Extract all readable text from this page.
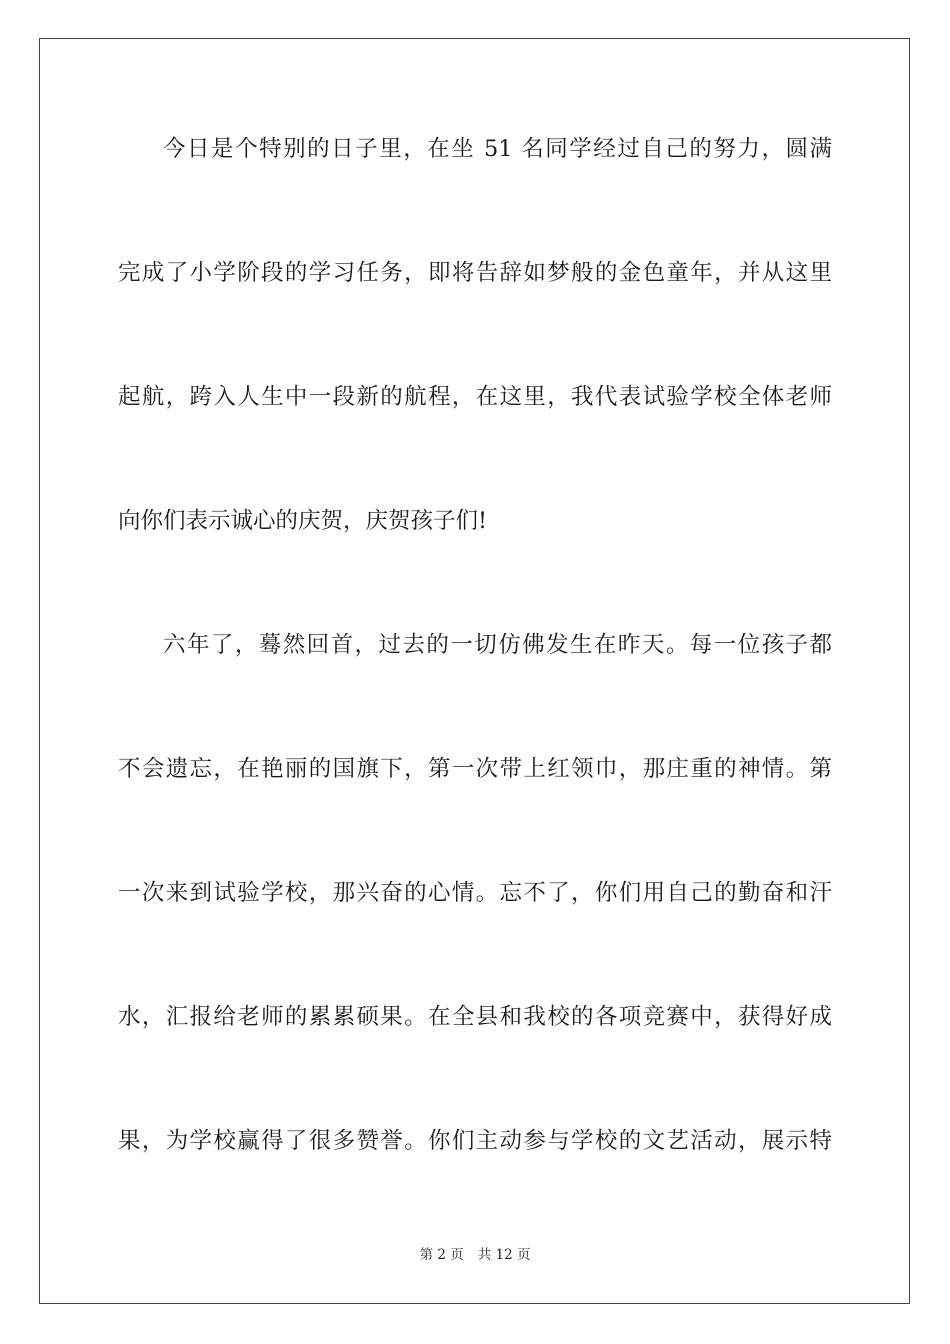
今日是个特别的日子里，在坐 51 名同学经过自己的努力，圆满
完成了小学阶段的学习任务，即将告辞如梦般的金色童年，并从这里
起航，跨入人生中一段新的航程，在这里，我代表试验学校全体老师
向你们表示诚心的庆贺，庆贺孩子们!
六年了，蓦然回首，过去的一切仿佛发生在昨天。每一位孩子都
不会遗忘，在艳丽的国旗下，第一次带上红领巾，那庄重的神情。第
一次来到试验学校，那兴奋的心情。忘不了，你们用自己的勤奋和汗
水，汇报给老师的累累硕果。在全县和我校的各项竞赛中，获得好成
果，为学校赢得了很多赞誉。你们主动参与学校的文艺活动，展示特
第 2 页 共 12 页
